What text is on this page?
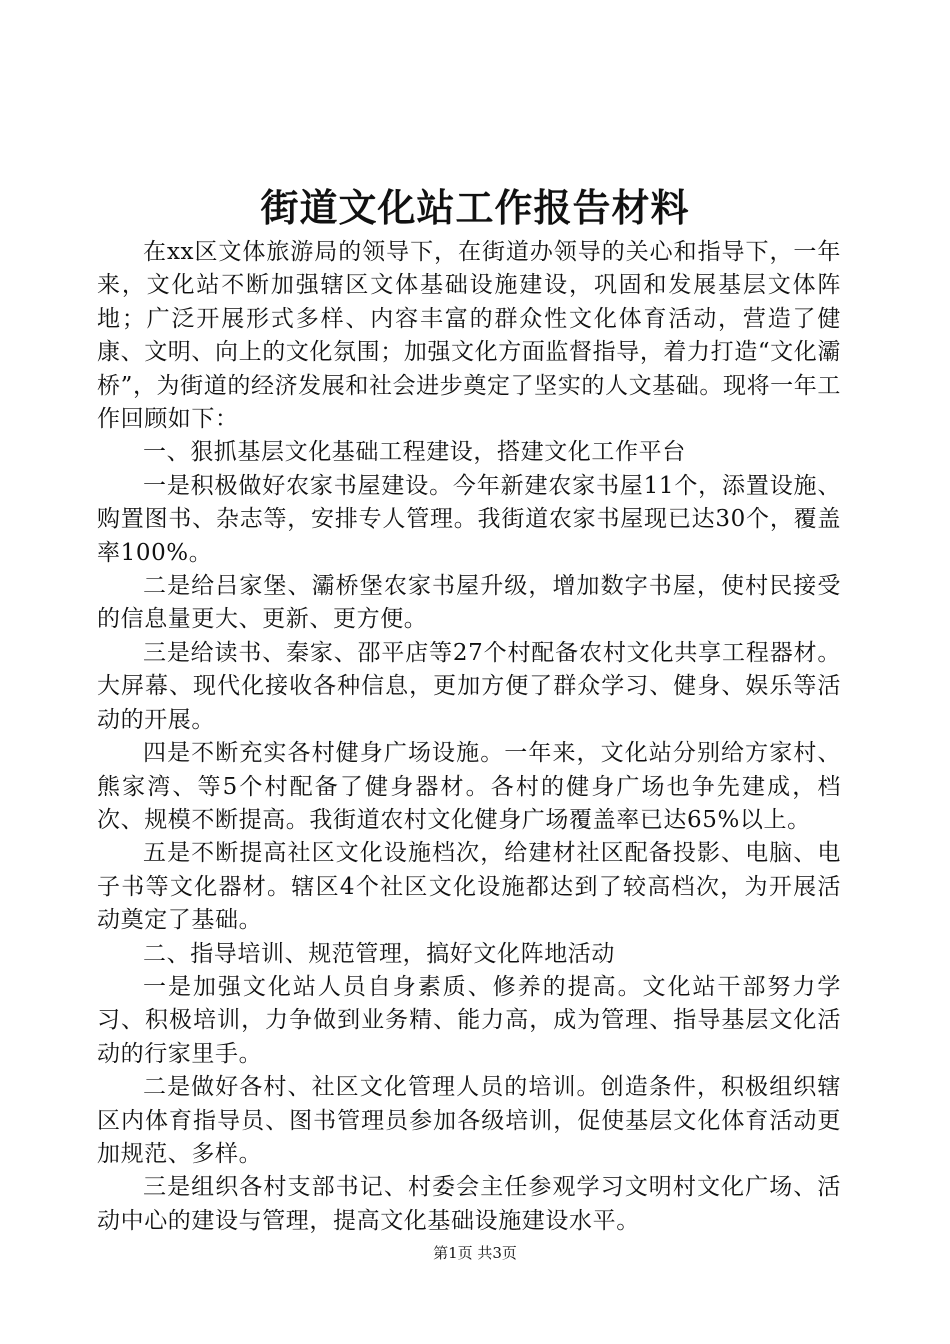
街道文化站工作报告材料

在xx区文体旅游局的领导下，在街道办领导的关心和指导下，一年来，文化站不断加强辖区文体基础设施建设，巩固和发展基层文体阵地；广泛开展形式多样、内容丰富的群众性文化体育活动，营造了健康、文明、向上的文化氛围；加强文化方面监督指导，着力打造“文化灞桥”，为街道的经济发展和社会进步奠定了坚实的人文基础。现将一年工作回顾如下：

一、狠抓基层文化基础工程建设，搭建文化工作平台

一是积极做好农家书屋建设。今年新建农家书屋11个，添置设施、购置图书、杂志等，安排专人管理。我街道农家书屋现已达30个，覆盖率100%。

二是给吕家堡、灞桥堡农家书屋升级，增加数字书屋，使村民接受的信息量更大、更新、更方便。

三是给读书、秦家、邵平店等27个村配备农村文化共享工程器材。大屏幕、现代化接收各种信息，更加方便了群众学习、健身、娱乐等活动的开展。

四是不断充实各村健身广场设施。一年来，文化站分别给方家村、熊家湾、等5个村配备了健身器材。各村的健身广场也争先建成，档次、规模不断提高。我街道农村文化健身广场覆盖率已达65%以上。

五是不断提高社区文化设施档次，给建材社区配备投影、电脑、电子书等文化器材。辖区4个社区文化设施都达到了较高档次，为开展活动奠定了基础。

二、指导培训、规范管理，搞好文化阵地活动

一是加强文化站人员自身素质、修养的提高。文化站干部努力学习、积极培训，力争做到业务精、能力高，成为管理、指导基层文化活动的行家里手。

二是做好各村、社区文化管理人员的培训。创造条件，积极组织辖区内体育指导员、图书管理员参加各级培训，促使基层文化体育活动更加规范、多样。

三是组织各村支部书记、村委会主任参观学习文明村文化广场、活动中心的建设与管理，提高文化基础设施建设水平。

第1页 共3页
